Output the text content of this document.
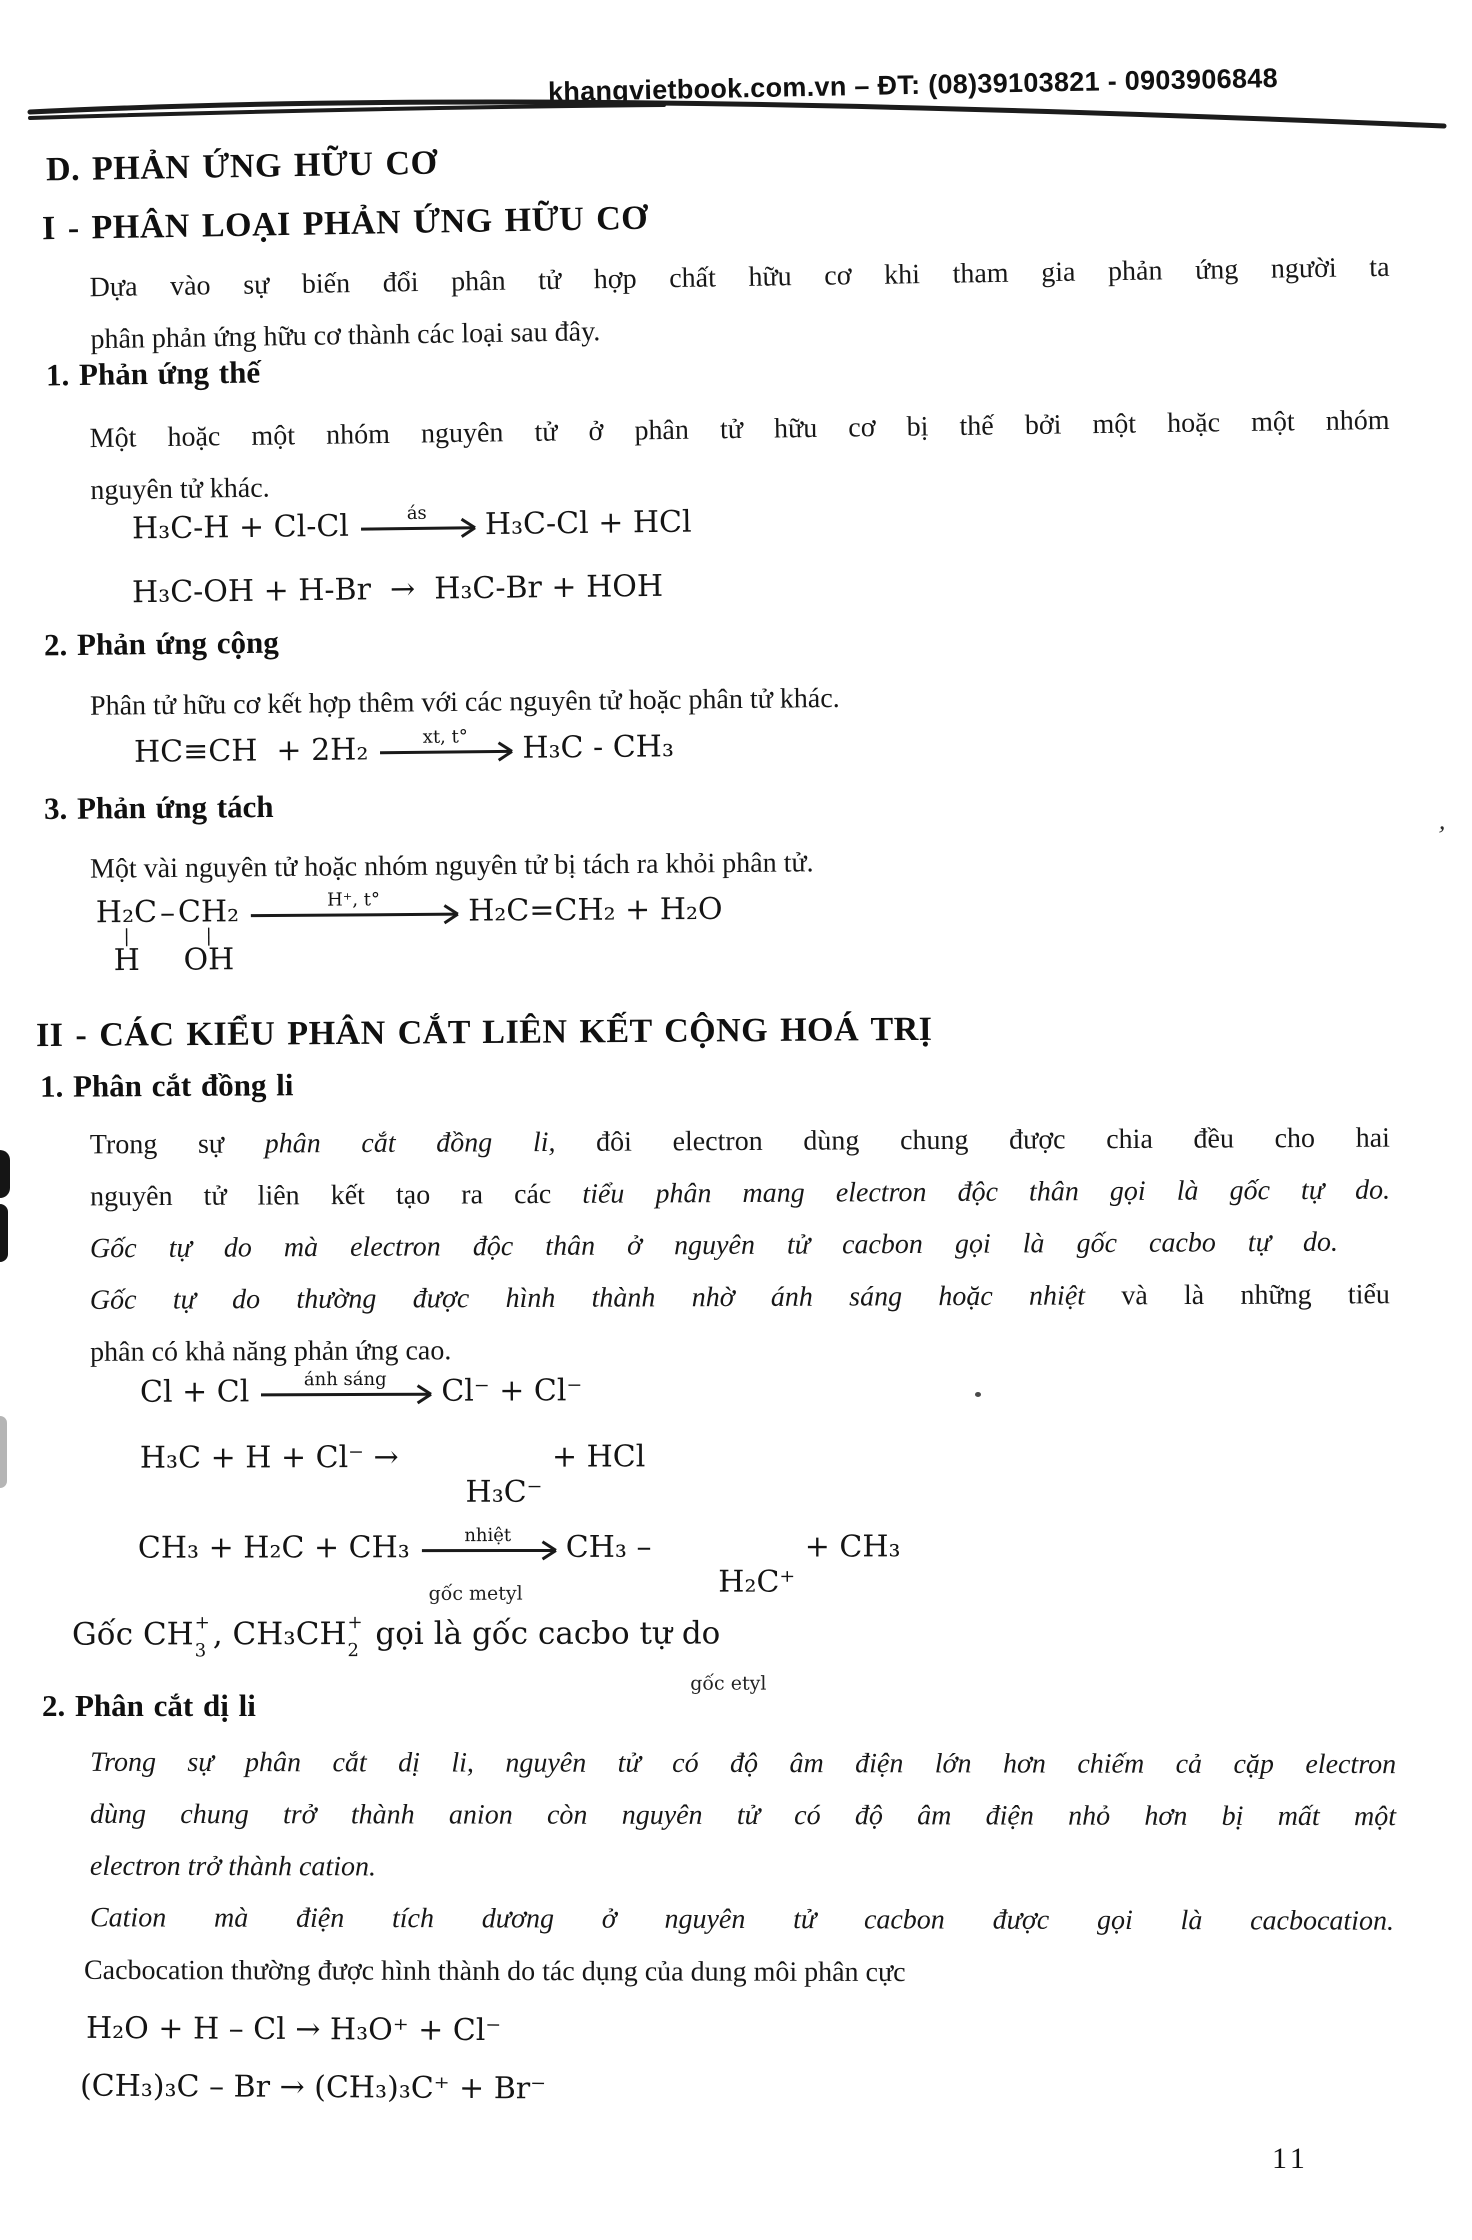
khangvietbook.com.vn – ĐT: (08)39103821 - 0903906848
D. PHẢN ỨNG HỮU CƠ
I - PHÂN LOẠI PHẢN ỨNG HỮU CƠ
Dựa vào sự biến đổi phân tử hợp chất hữu cơ khi tham gia phản ứng người ta
phân phản ứng hữu cơ thành các loại sau đây.
1. Phản ứng thế
Một hoặc một nhóm nguyên tử ở phân tử hữu cơ bị thế bởi một hoặc một nhóm
nguyên tử khác.
H₃C-H + Cl-Cl

	ás

H₃C-Cl + HCl
H₃C-OH + H-Br  →  H₃C-Br + HOH
2. Phản ứng cộng
Phân tử hữu cơ kết hợp thêm với các nguyên tử hoặc phân tử khác.
HC≡CH  + 2H₂

	xt, t°

H₃C - CH₃
3. Phản ứng tách
Một vài nguyên tử hoặc nhóm nguyên tử bị tách ra khỏi phân tử.
H₂C
|
H
– CH₂
|
OH

H⁺, t°

	H₂C=CH₂ + H₂O
II - CÁC KIỂU PHÂN CẮT LIÊN KẾT CỘNG HOÁ TRỊ
1. Phân cắt đồng li
Trong sự phân cắt đồng li, đôi electron dùng chung được chia đều cho hai
nguyên tử liên kết tạo ra các tiểu phân mang electron độc thân gọi là gốc tự do.
Gốc tự do mà electron độc thân ở nguyên tử cacbon gọi là gốc cacbo tự do.
Gốc tự do thường được hình thành nhờ ánh sáng hoặc nhiệt và là những tiểu
phân có khả năng phản ứng cao.
Cl + Cl

	ánh sáng

Cl⁻ + Cl⁻
H₃C + H + Cl⁻ →

H₃C⁻

gốc metyl

+ HCl
CH₃ + H₂C + CH₃

	nhiệt

CH₃ –

H₂C⁺

gốc etyl

+ CH₃
Gốc CH +
3 , CH₃CH +
2 gọi là gốc cacbo tự do
2. Phân cắt dị li
Trong sự phân cắt dị li, nguyên tử có độ âm điện lớn hơn chiếm cả cặp electron
dùng chung trở thành anion còn nguyên tử có độ âm điện nhỏ hơn bị mất một
electron trở thành cation.
Cation mà điện tích dương ở nguyên tử cacbon được gọi là cacbocation.
Cacbocation thường được hình thành do tác dụng của dung môi phân cực
H₂O + H – Cl → H₃O⁺ + Cl⁻
(CH₃)₃C – Br → (CH₃)₃C⁺ + Br⁻
11
,
